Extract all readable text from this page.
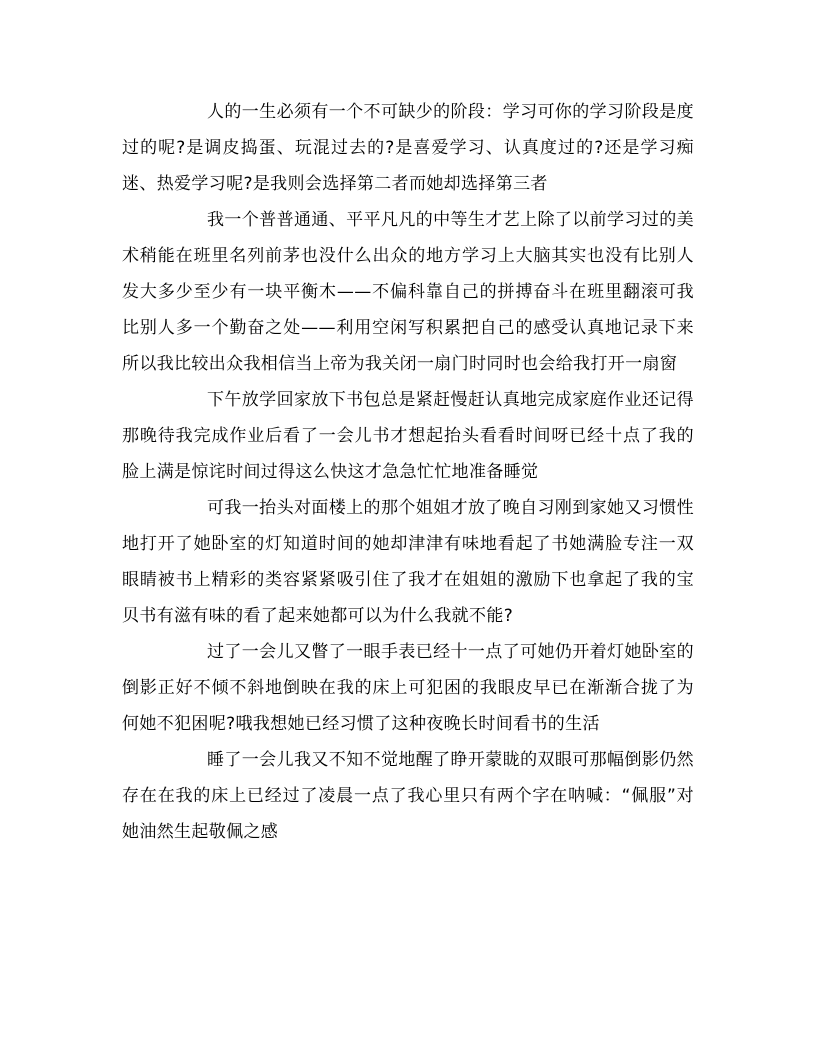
人的一生必须有一个不可缺少的阶段：学习可你的学习阶段是度过的呢?是调皮捣蛋、玩混过去的?是喜爱学习、认真度过的?还是学习痴迷、热爱学习呢?是我则会选择第二者而她却选择第三者

我一个普普通通、平平凡凡的中等生才艺上除了以前学习过的美术稍能在班里名列前茅也没什么出众的地方学习上大脑其实也没有比别人发大多少至少有一块平衡木——不偏科靠自己的拼搏奋斗在班里翻滚可我比别人多一个勤奋之处——利用空闲写积累把自己的感受认真地记录下来所以我比较出众我相信当上帝为我关闭一扇门时同时也会给我打开一扇窗

下午放学回家放下书包总是紧赶慢赶认真地完成家庭作业还记得那晚待我完成作业后看了一会儿书才想起抬头看看时间呀已经十点了我的脸上满是惊诧时间过得这么快这才急急忙忙地准备睡觉

可我一抬头对面楼上的那个姐姐才放了晚自习刚到家她又习惯性地打开了她卧室的灯知道时间的她却津津有味地看起了书她满脸专注一双眼睛被书上精彩的类容紧紧吸引住了我才在姐姐的激励下也拿起了我的宝贝书有滋有味的看了起来她都可以为什么我就不能?

过了一会儿又瞥了一眼手表已经十一点了可她仍开着灯她卧室的倒影正好不倾不斜地倒映在我的床上可犯困的我眼皮早已在渐渐合拢了为何她不犯困呢?哦我想她已经习惯了这种夜晚长时间看书的生活

睡了一会儿我又不知不觉地醒了睁开蒙眬的双眼可那幅倒影仍然存在在我的床上已经过了凌晨一点了我心里只有两个字在呐喊：“佩服”对她油然生起敬佩之感
